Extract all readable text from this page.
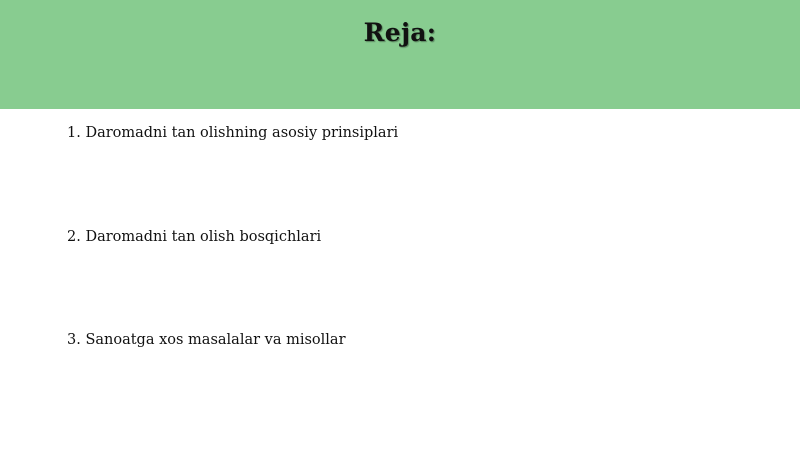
Reja:
1. Daromadni tan olishning asosiy prinsiplari
2. Daromadni tan olish bosqichlari
3. Sanoatga xos masalalar va misollar
